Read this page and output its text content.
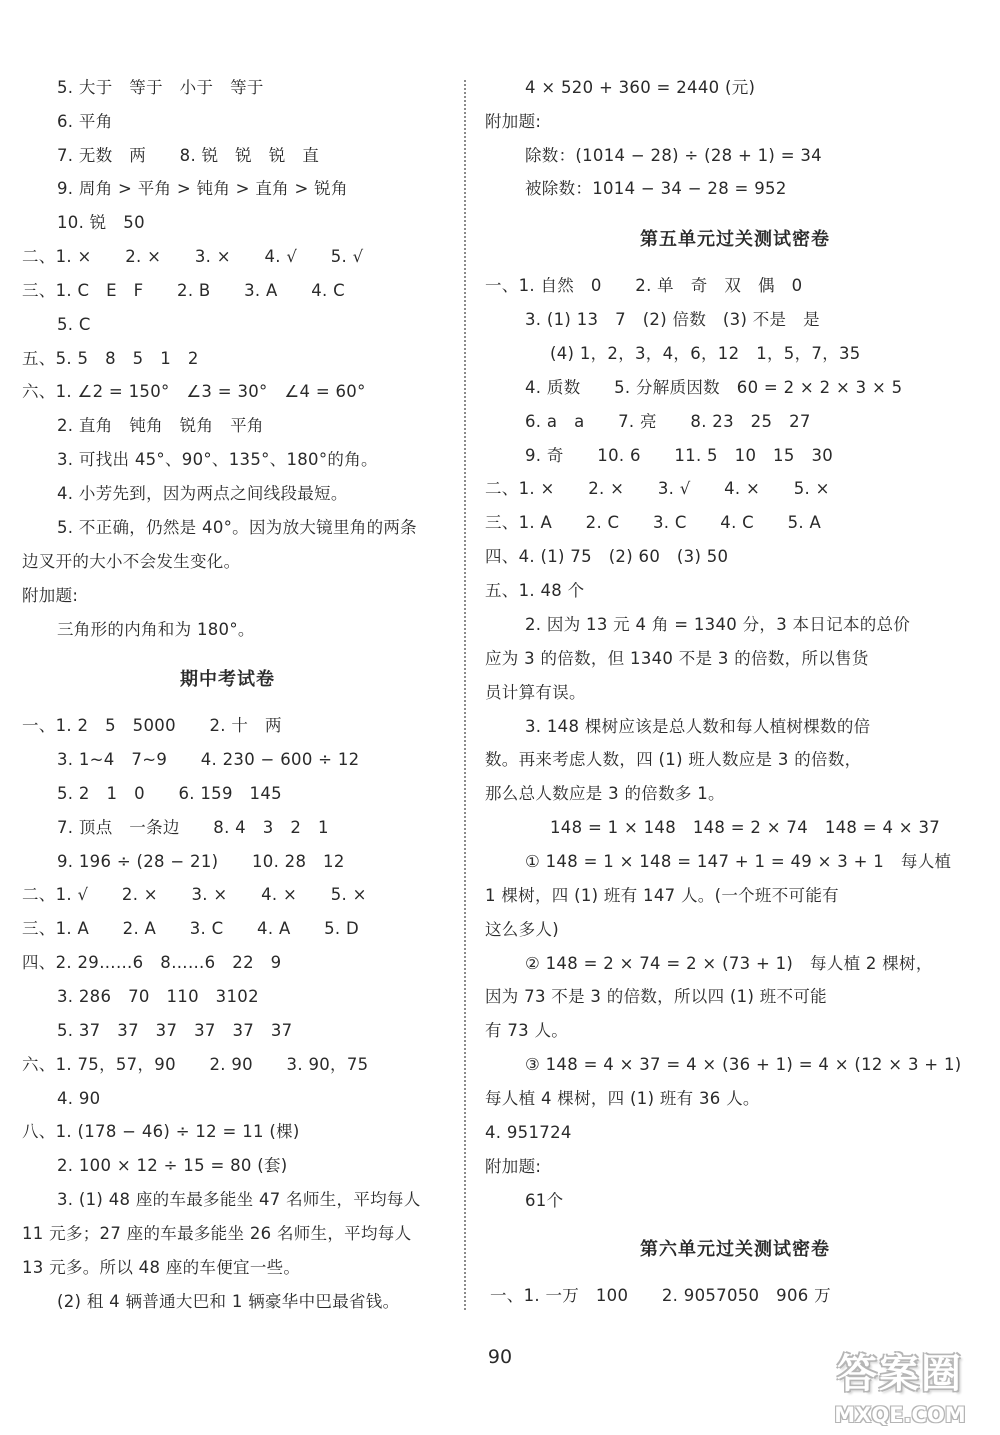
5. 大于　等于　小于　等于
6. 平角
7. 无数　两　　8. 锐　锐　锐　直
9. 周角 > 平角 > 钝角 > 直角 > 锐角
10. 锐　50
二、1. ×　　2. ×　　3. ×　　4. √　　5. √
三、1. C　E　F　　2. B　　3. A　　4. C
5. C
五、5. 5　8　5　1　2
六、1. ∠2 = 150°　∠3 = 30°　∠4 = 60°
2. 直角　钝角　锐角　平角
3. 可找出 45°、90°、135°、180°的角。
4. 小芳先到，因为两点之间线段最短。
5. 不正确，仍然是 40°。因为放大镜里角的两条
边叉开的大小不会发生变化。
附加题:
三角形的内角和为 180°。
期中考试卷
一、1. 2　5　5000　　2. 十　两
3. 1~4　7~9　　4. 230 − 600 ÷ 12
5. 2　1　0　　6. 159　145
7. 顶点　一条边　　8. 4　3　2　1
9. 196 ÷ (28 − 21)　　10. 28　12
二、1. √　　2. ×　　3. ×　　4. ×　　5. ×
三、1. A　　2. A　　3. C　　4. A　　5. D
四、2. 29……6　8……6　22　9
3. 286　70　110　3102
5. 37　37　37　37　37　37
六、1. 75，57，90　　2. 90　　3. 90，75
4. 90
八、1. (178 − 46) ÷ 12 = 11 (棵)
2. 100 × 12 ÷ 15 = 80 (套)
3. (1) 48 座的车最多能坐 47 名师生，平均每人
11 元多；27 座的车最多能坐 26 名师生，平均每人
13 元多。所以 48 座的车便宜一些。
(2) 租 4 辆普通大巴和 1 辆豪华中巴最省钱。
4 × 520 + 360 = 2440 (元)
附加题:
除数：(1014 − 28) ÷ (28 + 1) = 34
被除数：1014 − 34 − 28 = 952
第五单元过关测试密卷
一、1. 自然　0　　2. 单　奇　双　偶　0
3. (1) 13　7　(2) 倍数　(3) 不是　是
(4) 1，2，3，4，6，12　1，5，7，35
4. 质数　　5. 分解质因数　60 = 2 × 2 × 3 × 5
6. a　a　　7. 亮　　8. 23　25　27
9. 奇　　10. 6　　11. 5　10　15　30
二、1. ×　　2. ×　　3. √　　4. ×　　5. ×
三、1. A　　2. C　　3. C　　4. C　　5. A
四、4. (1) 75　(2) 60　(3) 50
五、1. 48 个
2. 因为 13 元 4 角 = 1340 分，3 本日记本的总价
应为 3 的倍数，但 1340 不是 3 的倍数，所以售货
员计算有误。
3. 148 棵树应该是总人数和每人植树棵数的倍
数。再来考虑人数，四 (1) 班人数应是 3 的倍数，
那么总人数应是 3 的倍数多 1。
148 = 1 × 148　148 = 2 × 74　148 = 4 × 37
① 148 = 1 × 148 = 147 + 1 = 49 × 3 + 1　每人植
1 棵树，四 (1) 班有 147 人。(一个班不可能有
这么多人)
② 148 = 2 × 74 = 2 × (73 + 1)　每人植 2 棵树，
因为 73 不是 3 的倍数，所以四 (1) 班不可能
有 73 人。
③ 148 = 4 × 37 = 4 × (36 + 1) = 4 × (12 × 3 + 1)
每人植 4 棵树，四 (1) 班有 36 人。
4. 951724
附加题:
61个
第六单元过关测试密卷
一、1. 一万　100　　2. 9057050　906 万
90	答案圈
MXQE.COM
